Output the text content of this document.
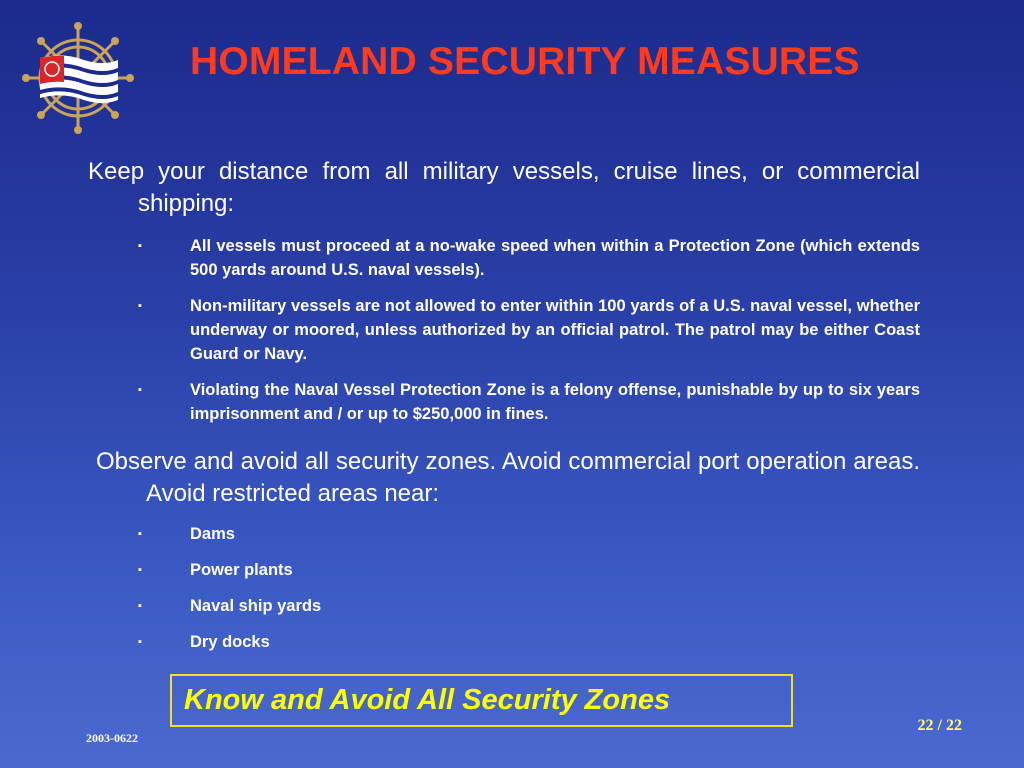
HOMELAND SECURITY MEASURES
Keep your distance from all military vessels, cruise lines, or commercial shipping:
▪	All vessels must proceed at a no-wake speed when within a Protection Zone (which extends 500 yards around U.S. naval vessels).
▪	Non-military vessels are not allowed to enter within 100 yards of a U.S. naval vessel, whether underway or moored, unless authorized by an official patrol. The patrol may be either Coast Guard or Navy.
▪	Violating the Naval Vessel Protection Zone is a felony offense, punishable by up to six years imprisonment and / or up to $250,000 in fines.
Observe and avoid all security zones. Avoid commercial port operation areas. Avoid restricted areas near:
▪	Dams
▪	Power plants
▪	Naval ship yards
▪	Dry docks
Know and Avoid All Security Zones
22 / 22
2003-0622
